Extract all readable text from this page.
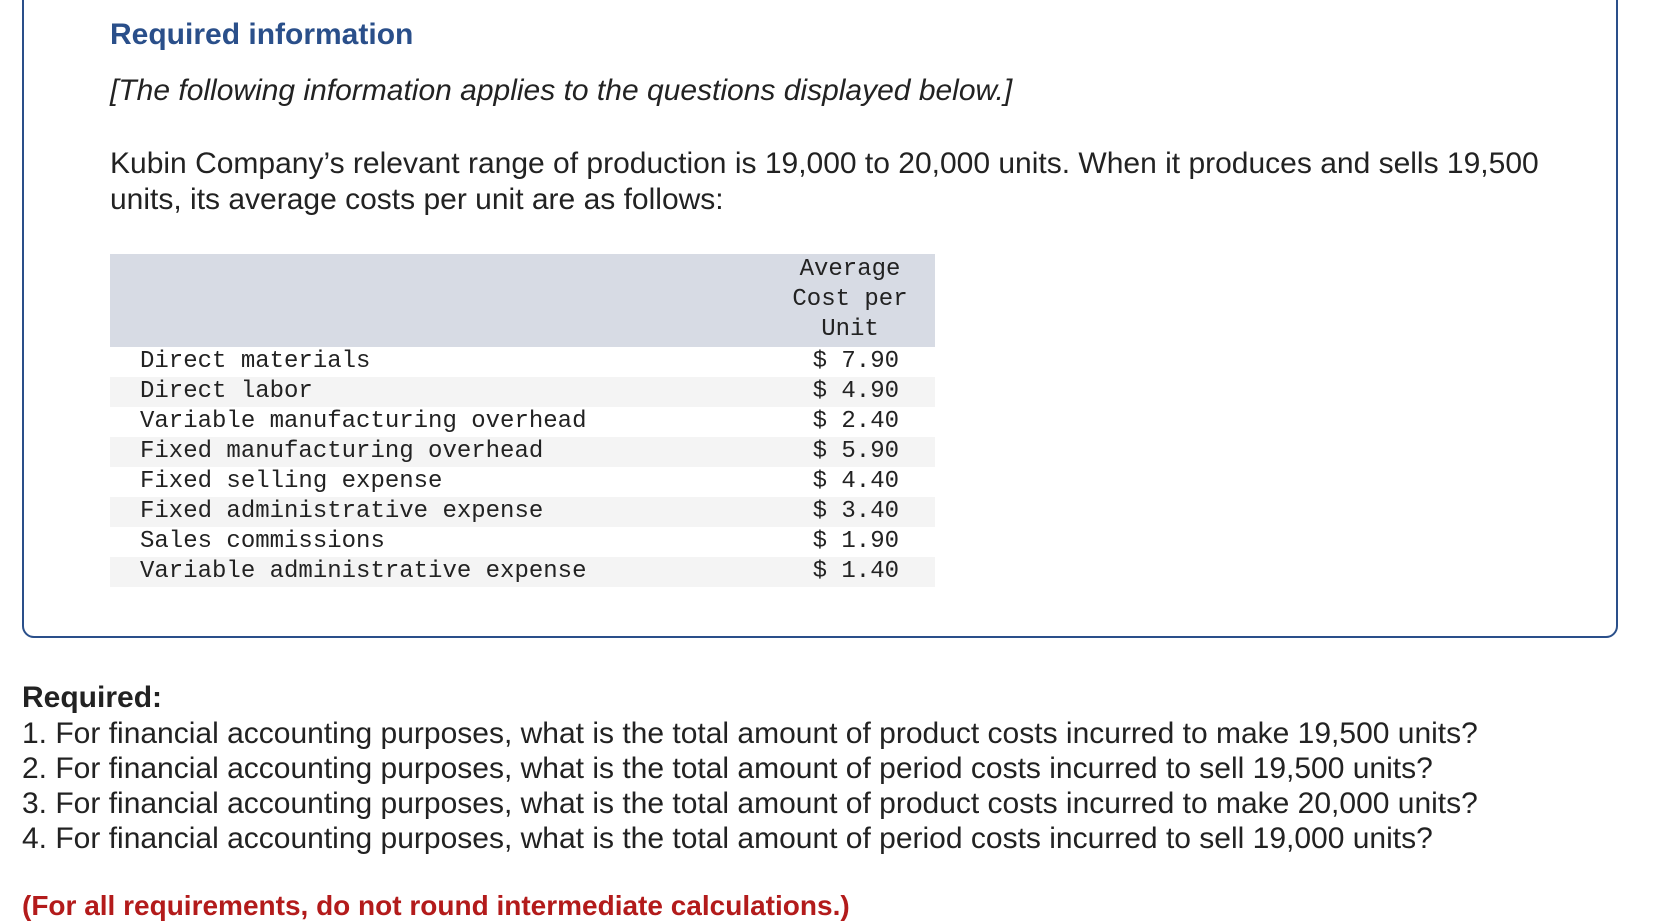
Required information
[The following information applies to the questions displayed below.]
Kubin Company’s relevant range of production is 19,000 to 20,000 units. When it produces and sells 19,500 units, its average costs per unit are as follows:

	Average
Cost per
Unit

Direct materials	$ 7.90
Direct labor	$ 4.90
Variable manufacturing overhead	$ 2.40
Fixed manufacturing overhead	$ 5.90
Fixed selling expense	$ 4.40
Fixed administrative expense	$ 3.40
Sales commissions	$ 1.90
Variable administrative expense	$ 1.40
Required:
1. For financial accounting purposes, what is the total amount of product costs incurred to make 19,500 units?
2. For financial accounting purposes, what is the total amount of period costs incurred to sell 19,500 units?
3. For financial accounting purposes, what is the total amount of product costs incurred to make 20,000 units?
4. For financial accounting purposes, what is the total amount of period costs incurred to sell 19,000 units?
(For all requirements, do not round intermediate calculations.)
